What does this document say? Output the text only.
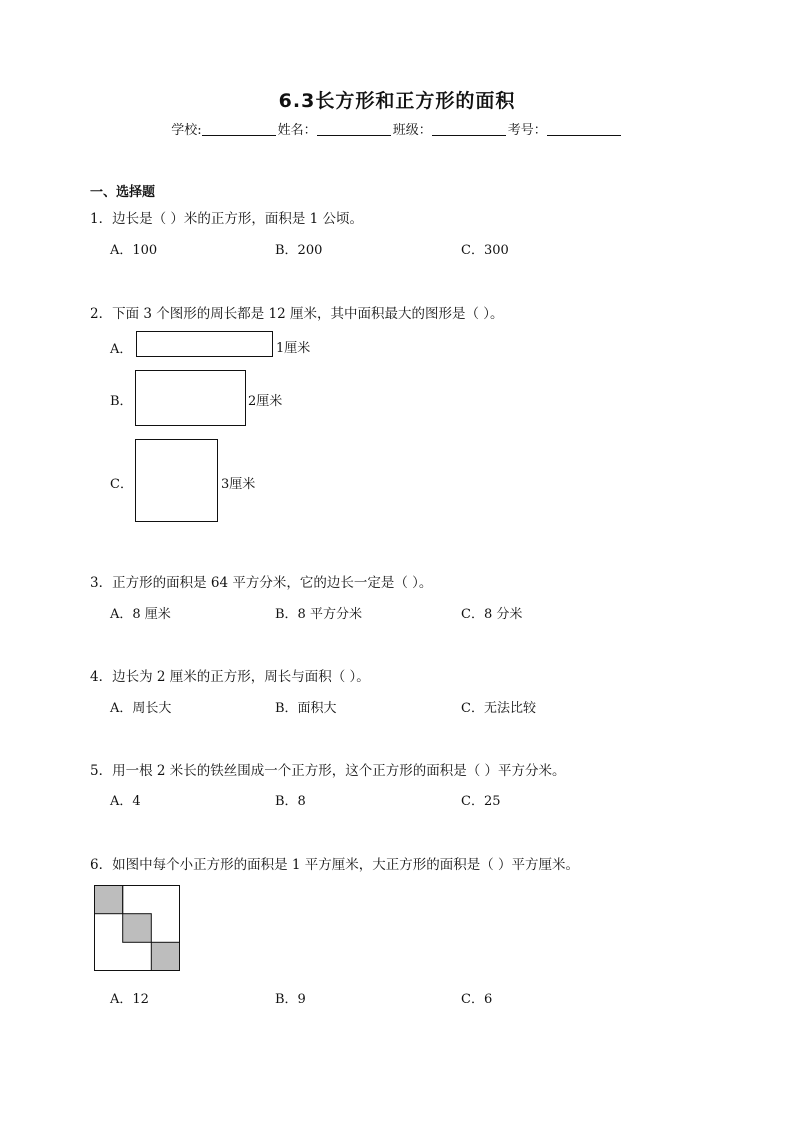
6.3长方形和正方形的面积
学校:	姓名：	班级：	考号：
一、选择题
1．边长是（ ）米的正方形，面积是 1 公顷。
A．100	B．200	C．300
2．下面 3 个图形的周长都是 12 厘米，其中面积最大的图形是（ ）。
A．	1厘米
B．	2厘米
C．	3厘米
3．正方形的面积是 64 平方分米，它的边长一定是（ ）。
A．8 厘米	B．8 平方分米	C．8 分米
4．边长为 2 厘米的正方形，周长与面积（ ）。
A．周长大	B．面积大	C．无法比较
5．用一根 2 米长的铁丝围成一个正方形，这个正方形的面积是（ ）平方分米。
A．4	B．8	C．25
6．如图中每个小正方形的面积是 1 平方厘米，大正方形的面积是（ ）平方厘米。
A．12	B．9	C．6
